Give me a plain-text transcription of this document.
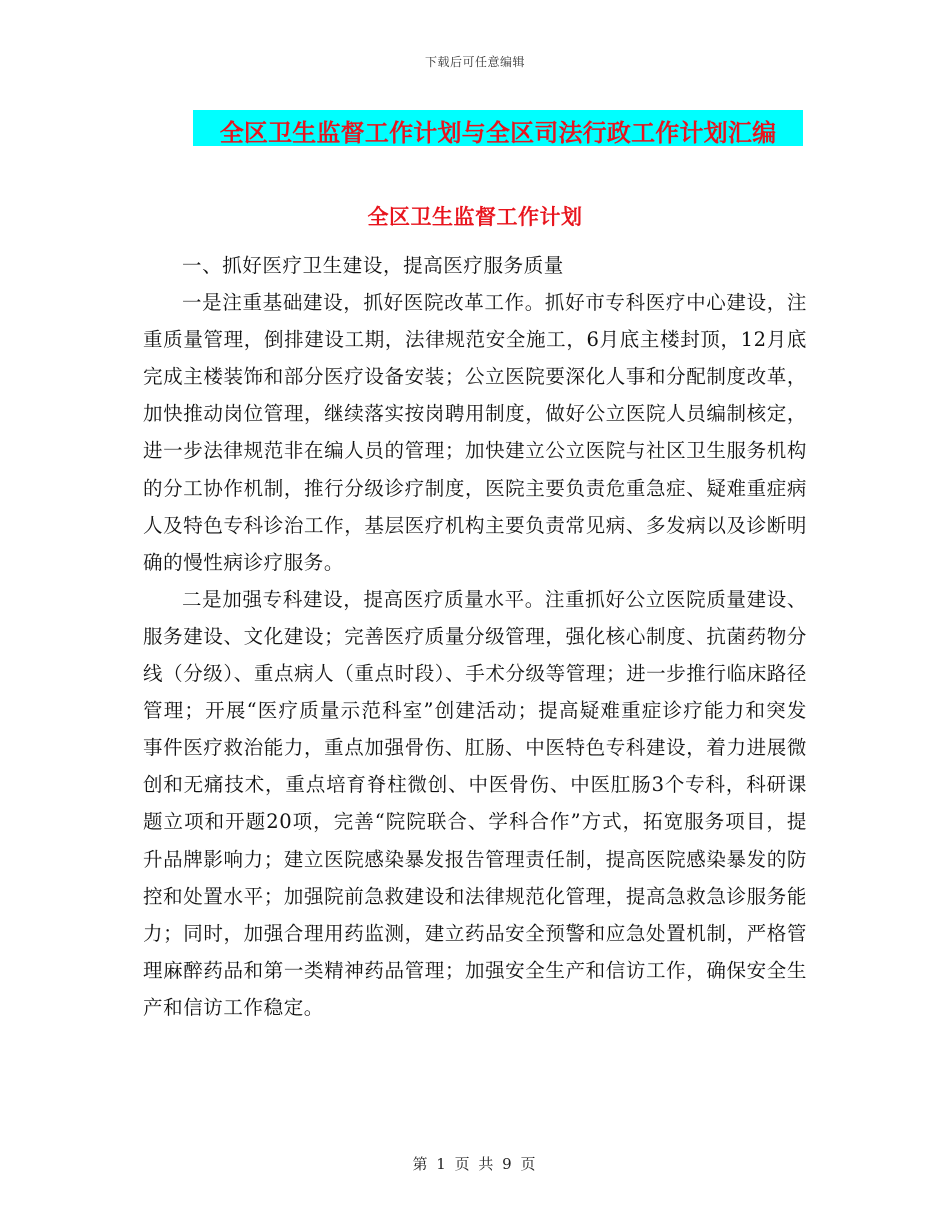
下载后可任意编辑
全区卫生监督工作计划与全区司法行政工作计划汇编
全区卫生监督工作计划

一、抓好医疗卫生建设，提高医疗服务质量

一是注重基础建设，抓好医院改革工作。抓好市专科医疗中心建设，注重质量管理，倒排建设工期，法律规范安全施工，6月底主楼封顶，12月底完成主楼装饰和部分医疗设备安装；公立医院要深化人事和分配制度改革，加快推动岗位管理，继续落实按岗聘用制度，做好公立医院人员编制核定，进一步法律规范非在编人员的管理；加快建立公立医院与社区卫生服务机构的分工协作机制，推行分级诊疗制度，医院主要负责危重急症、疑难重症病人及特色专科诊治工作，基层医疗机构主要负责常见病、多发病以及诊断明确的慢性病诊疗服务。

二是加强专科建设，提高医疗质量水平。注重抓好公立医院质量建设、服务建设、文化建设；完善医疗质量分级管理，强化核心制度、抗菌药物分线（分级）、重点病人（重点时段）、手术分级等管理；进一步推行临床路径管理；开展“医疗质量示范科室”创建活动；提高疑难重症诊疗能力和突发事件医疗救治能力，重点加强骨伤、肛肠、中医特色专科建设，着力进展微创和无痛技术，重点培育脊柱微创、中医骨伤、中医肛肠3个专科，科研课题立项和开题20项，完善“院院联合、学科合作”方式，拓宽服务项目，提升品牌影响力；建立医院感染暴发报告管理责任制，提高医院感染暴发的防控和处置水平；加强院前急救建设和法律规范化管理，提高急救急诊服务能力；同时，加强合理用药监测，建立药品安全预警和应急处置机制，严格管理麻醉药品和第一类精神药品管理；加强安全生产和信访工作，确保安全生产和信访工作稳定。

第 1 页 共 9 页
